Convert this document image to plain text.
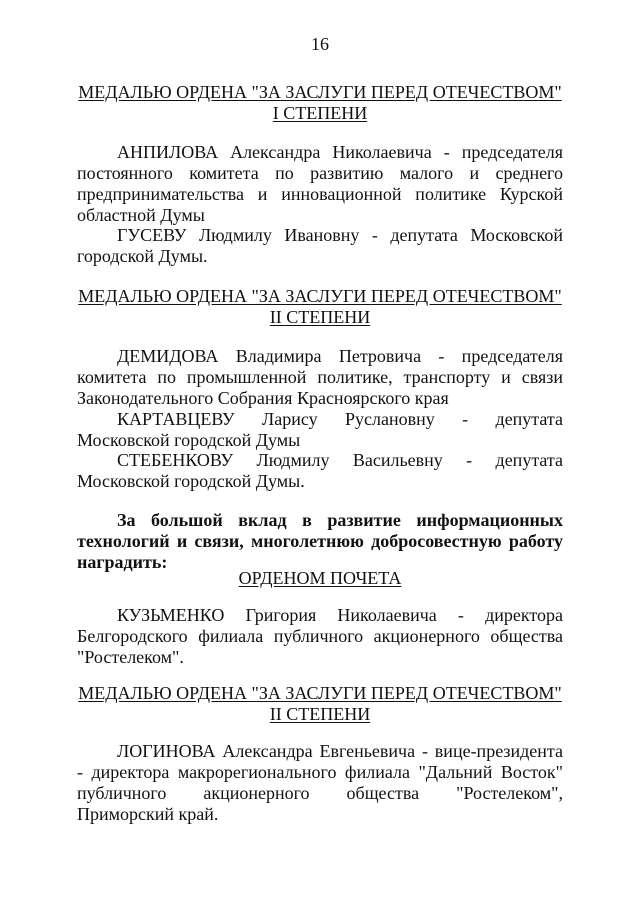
16
МЕДАЛЬЮ ОРДЕНА "ЗА ЗАСЛУГИ ПЕРЕД ОТЕЧЕСТВОМ"
I СТЕПЕНИ
АНПИЛОВА Александра Николаевича - председателя постоянного комитета по развитию малого и среднего предпринимательства и инновационной политике Курской областной Думы
ГУСЕВУ Людмилу Ивановну - депутата Московской городской Думы.
МЕДАЛЬЮ ОРДЕНА "ЗА ЗАСЛУГИ ПЕРЕД ОТЕЧЕСТВОМ"
II СТЕПЕНИ
ДЕМИДОВА Владимира Петровича - председателя комитета по промышленной политике, транспорту и связи Законодательного Собрания Красноярского края
КАРТАВЦЕВУ Ларису Руслановну - депутата Московской городской Думы
СТЕБЕНКОВУ Людмилу Васильевну - депутата Московской городской Думы.
За большой вклад в развитие информационных технологий и связи, многолетнюю добросовестную работу наградить:
ОРДЕНОМ ПОЧЕТА
КУЗЬМЕНКО Григория Николаевича - директора Белгородского филиала публичного акционерного общества "Ростелеком".
МЕДАЛЬЮ ОРДЕНА "ЗА ЗАСЛУГИ ПЕРЕД ОТЕЧЕСТВОМ"
II СТЕПЕНИ
ЛОГИНОВА Александра Евгеньевича - вице-президента - директора макрорегионального филиала "Дальний Восток" публичного акционерного общества "Ростелеком", Приморский край.
